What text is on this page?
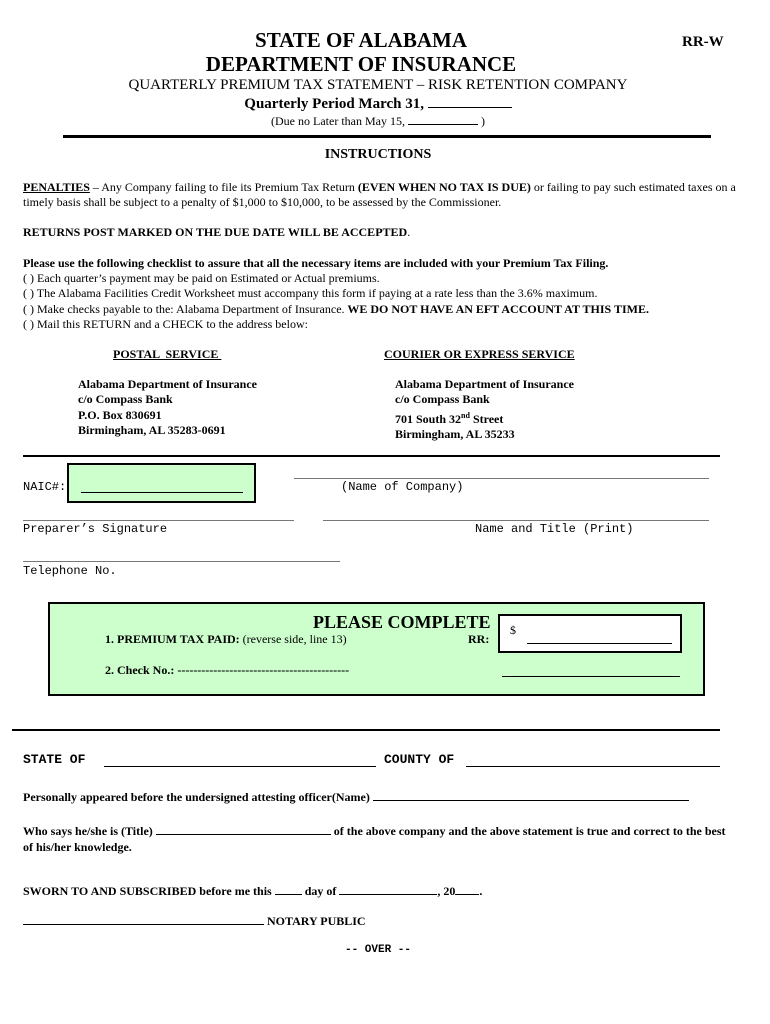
STATE OF ALABAMA
DEPARTMENT OF INSURANCE
RR-W
QUARTERLY PREMIUM TAX STATEMENT – RISK RETENTION COMPANY
Quarterly Period March 31,
(Due no Later than May 15,	)
INSTRUCTIONS
PENALTIES – Any Company failing to file its Premium Tax Return (EVEN WHEN NO TAX IS DUE) or failing to pay such estimated taxes on a timely basis shall be subject to a penalty of $1,000 to $10,000, to be assessed by the Commissioner.
RETURNS POST MARKED ON THE DUE DATE WILL BE ACCEPTED.

Please use the following checklist to assure that all the necessary items are included with your Premium Tax Filing.

( ) Each quarter’s payment may be paid on Estimated or Actual premiums.

( ) The Alabama Facilities Credit Worksheet must accompany this form if paying at a rate less than the 3.6% maximum.

( ) Make checks payable to the: Alabama Department of Insurance. WE DO NOT HAVE AN EFT ACCOUNT AT THIS TIME.

( ) Mail this RETURN and a CHECK to the address below:

POSTAL  SERVICE

Alabama Department of Insurance

c/o Compass Bank

P.O. Box 830691

Birmingham, AL 35283-0691

COURIER OR EXPRESS SERVICE

Alabama Department of Insurance

c/o Compass Bank

701 South 32nd Street

Birmingham, AL 35233

NAIC#:	(Name of Company)
Preparer’s Signature	Name and Title (Print)
Telephone No.
PLEASE COMPLETE
1. PREMIUM TAX PAID: (reverse side, line 13)	RR:
$
2. Check No.: -------------------------------------------
STATE OF	COUNTY OF
Personally appeared before the undersigned attesting officer(Name)
Who says he/she is (Title)	of the above company and the above statement is true and correct to the best of his/her knowledge.
SWORN TO AND SUBSCRIBED before me this  day of	, 20 .
NOTARY PUBLIC
-- OVER --
